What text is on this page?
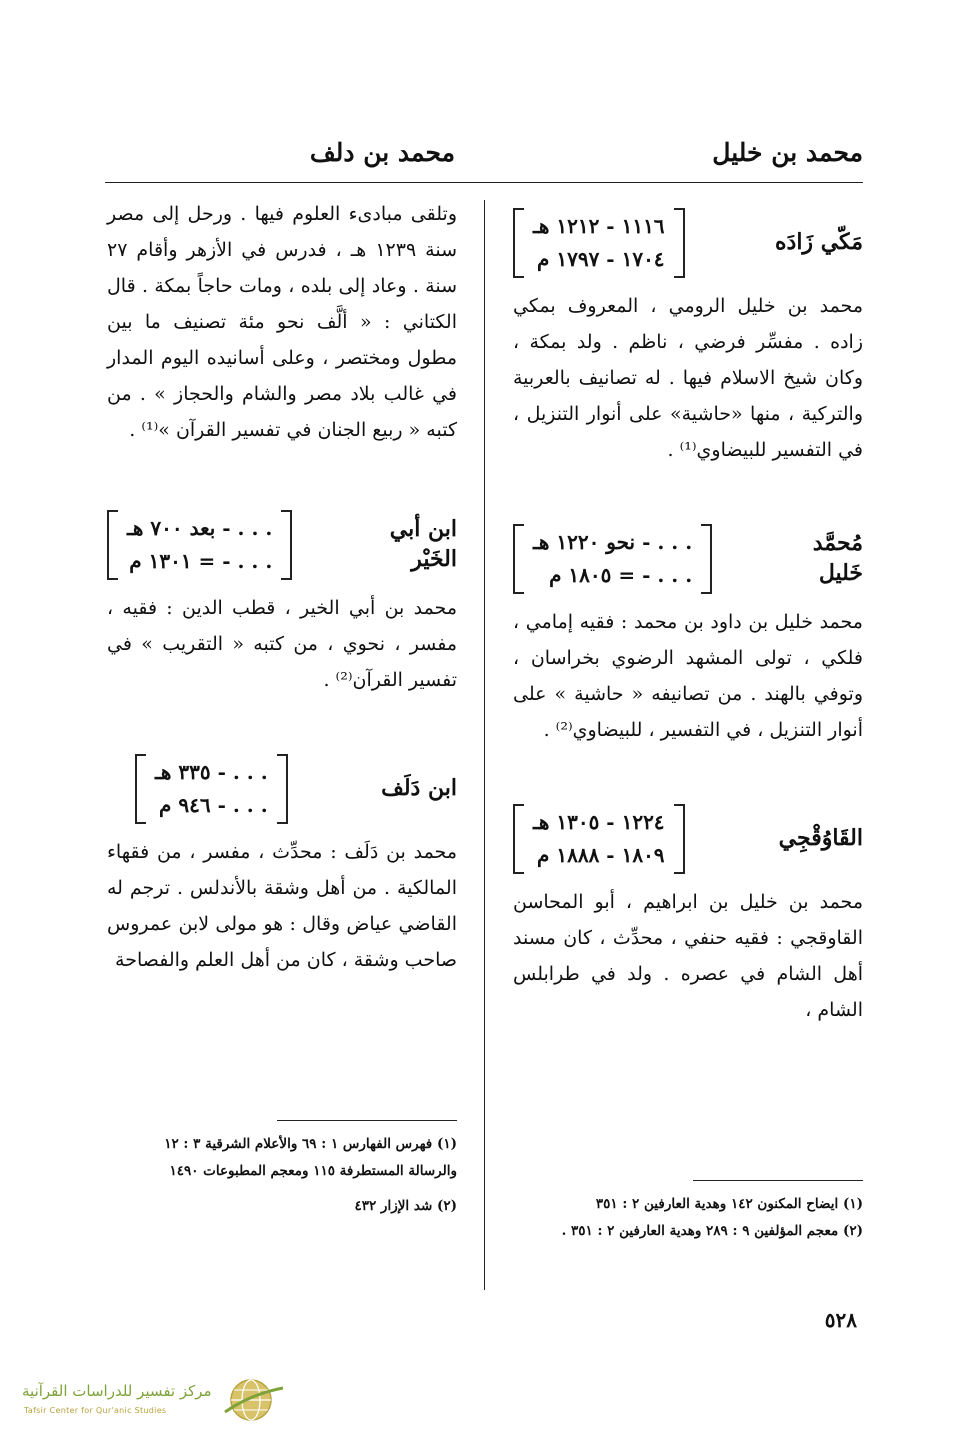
محمد بن خليل
محمد بن دلف
مَكّي زَادَه
١١١٦ - ١٢١٢ هـ
١٧٠٤ - ١٧٩٧ م

محمد بن خليل الرومي ، المعروف بمكي زاده . مفسِّر فرضي ، ناظم . ولد بمكة ، وكان شيخ الاسلام فيها . له تصانيف بالعربية والتركية ، منها «حاشية» على أنوار التنزيل ، في التفسير للبيضاوي⁽¹⁾ .

مُحمَّد خَليل
. . . - نحو ١٢٢٠ هـ
. . . - = ١٨٠٥ م

محمد خليل بن داود بن محمد : فقيه إمامي ، فلكي ، تولى المشهد الرضوي بخراسان ، وتوفي بالهند . من تصانيفه « حاشية » على أنوار التنزيل ، في التفسير ، للبيضاوي⁽²⁾ .

القَاوُقْجِي
١٢٢٤ - ١٣٠٥ هـ
١٨٠٩ - ١٨٨٨ م

محمد بن خليل بن ابراهيم ، أبو المحاسن القاوقجي : فقيه حنفي ، محدِّث ، كان مسند أهل الشام في عصره . ولد في طرابلس الشام ،

وتلقى مبادىء العلوم فيها . ورحل إلى مصر سنة ١٢٣٩ هـ ، فدرس في الأزهر وأقام ٢٧ سنة . وعاد إلى بلده ، ومات حاجاً بمكة . قال الكتاني : « ألَّف نحو مئة تصنيف ما بين مطول ومختصر ، وعلى أسانيده اليوم المدار في غالب بلاد مصر والشام والحجاز » . من كتبه « ربيع الجنان في تفسير القرآن »⁽¹⁾ .

ابن أبي الخَيْر
. . . - بعد ٧٠٠ هـ
. . . - = ١٣٠١ م

محمد بن أبي الخير ، قطب الدين : فقيه ، مفسر ، نحوي ، من كتبه « التقريب » في تفسير القرآن⁽²⁾ .

ابن دَلَف
. . . - ٣٣٥ هـ
. . . - ٩٤٦ م

محمد بن دَلَف : محدِّث ، مفسر ، من فقهاء المالكية . من أهل وشقة بالأندلس . ترجم له القاضي عياض وقال : هو مولى لابن عمروس صاحب وشقة ، كان من أهل العلم والفصاحة

(١) ايضاح المكنون ١٤٢ وهدية العارفين ٢ : ٣٥١
(٢) معجم المؤلفين ٩ : ٢٨٩ وهدية العارفين ٢ : ٣٥١ .
(١) فهرس الفهارس ١ : ٦٩ والأعلام الشرقية ٣ : ١٢ والرسالة المستطرفة ١١٥ ومعجم المطبوعات ١٤٩٠
(٢) شد الإزار ٤٣٢
٥٢٨
مركز تفسير للدراسات القرآنية
Tafsir Center for Qur'anic Studies
